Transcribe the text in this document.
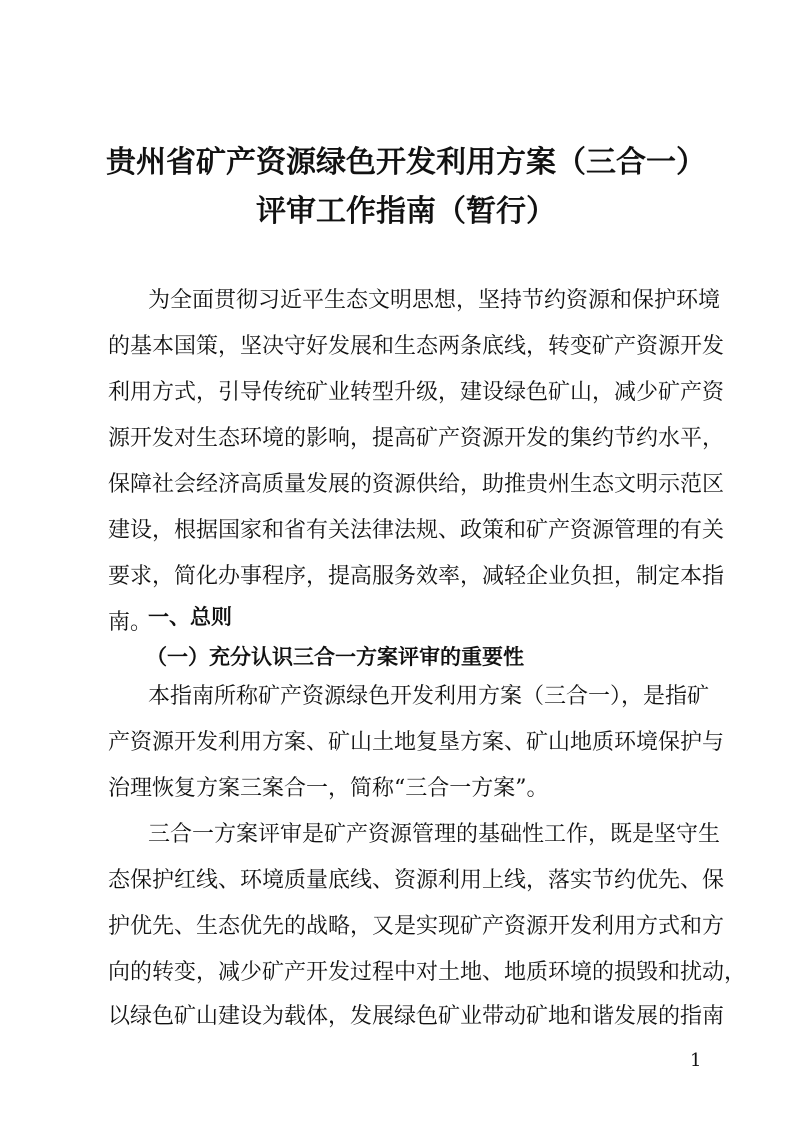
贵州省矿产资源绿色开发利用方案（三合一）
评审工作指南（暂行）
为全面贯彻习近平生态文明思想，坚持节约资源和保护环境
的基本国策，坚决守好发展和生态两条底线，转变矿产资源开发
利用方式，引导传统矿业转型升级，建设绿色矿山，减少矿产资
源开发对生态环境的影响，提高矿产资源开发的集约节约水平，
保障社会经济高质量发展的资源供给，助推贵州生态文明示范区
建设，根据国家和省有关法律法规、政策和矿产资源管理的有关
要求，简化办事程序，提高服务效率，减轻企业负担，制定本指
南。
一、总则
（一）充分认识三合一方案评审的重要性
本指南所称矿产资源绿色开发利用方案（三合一），是指矿
产资源开发利用方案、矿山土地复垦方案、矿山地质环境保护与
治理恢复方案三案合一，简称“三合一方案”。
三合一方案评审是矿产资源管理的基础性工作，既是坚守生
态保护红线、环境质量底线、资源利用上线，落实节约优先、保
护优先、生态优先的战略，又是实现矿产资源开发利用方式和方
向的转变，减少矿产开发过程中对土地、地质环境的损毁和扰动，
以绿色矿山建设为载体，发展绿色矿业带动矿地和谐发展的指南
1
